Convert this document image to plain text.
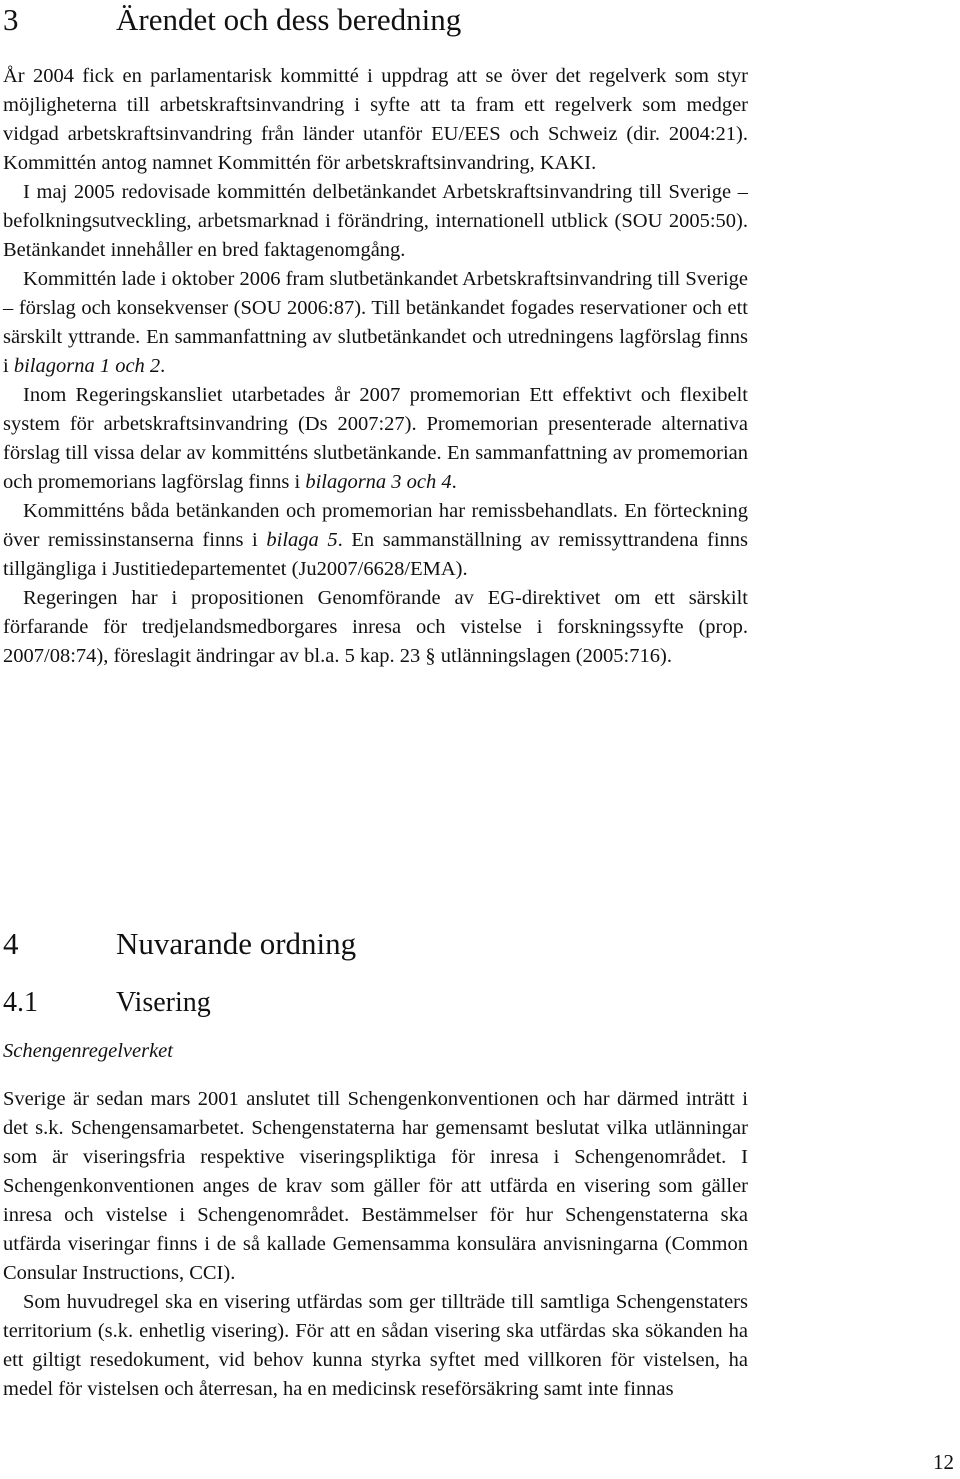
3	Ärendet och dess beredning

År 2004 fick en parlamentarisk kommitté i uppdrag att se över det regelverk som styr möjligheterna till arbetskraftsinvandring i syfte att ta fram ett regelverk som medger vidgad arbetskraftsinvandring från länder utanför EU/EES och Schweiz (dir. 2004:21). Kommittén antog namnet Kommittén för arbetskraftsinvandring, KAKI.

I maj 2005 redovisade kommittén delbetänkandet Arbetskraftsinvandring till Sverige – befolkningsutveckling, arbetsmarknad i förändring, internationell utblick (SOU 2005:50). Betänkandet innehåller en bred faktagenomgång.

Kommittén lade i oktober 2006 fram slutbetänkandet Arbetskraftsinvandring till Sverige – förslag och konsekvenser (SOU 2006:87). Till betänkandet fogades reservationer och ett särskilt yttrande. En sammanfattning av slutbetänkandet och utredningens lagförslag finns i bilagorna 1 och 2.

Inom Regeringskansliet utarbetades år 2007 promemorian Ett effektivt och flexibelt system för arbetskraftsinvandring (Ds 2007:27). Promemorian presenterade alternativa förslag till vissa delar av kommitténs slutbetänkande. En sammanfattning av promemorian och promemorians lagförslag finns i bilagorna 3 och 4.

Kommitténs båda betänkanden och promemorian har remissbehandlats. En förteckning över remissinstanserna finns i bilaga 5. En sammanställning av remissyttrandena finns tillgängliga i Justitiedepartementet (Ju2007/6628/EMA).

Regeringen har i propositionen Genomförande av EG-direktivet om ett särskilt förfarande för tredjelandsmedborgares inresa och vistelse i forskningssyfte (prop. 2007/08:74), föreslagit ändringar av bl.a. 5 kap. 23 § utlänningslagen (2005:716).

4	Nuvarande ordning
4.1	Visering
Schengenregelverket

Sverige är sedan mars 2001 anslutet till Schengenkonventionen och har därmed inträtt i det s.k. Schengensamarbetet. Schengenstaterna har gemensamt beslutat vilka utlänningar som är viseringsfria respektive viseringspliktiga för inresa i Schengenområdet. I Schengenkonventionen anges de krav som gäller för att utfärda en visering som gäller inresa och vistelse i Schengenområdet. Bestämmelser för hur Schengenstaterna ska utfärda viseringar finns i de så kallade Gemensamma konsulära anvisningarna (Common Consular Instructions, CCI).

Som huvudregel ska en visering utfärdas som ger tillträde till samtliga Schengenstaters territorium (s.k. enhetlig visering). För att en sådan visering ska utfärdas ska sökanden ha ett giltigt resedokument, vid behov kunna styrka syftet med villkoren för vistelsen, ha medel för vistelsen och återresan, ha en medicinsk reseförsäkring samt inte finnas

12
